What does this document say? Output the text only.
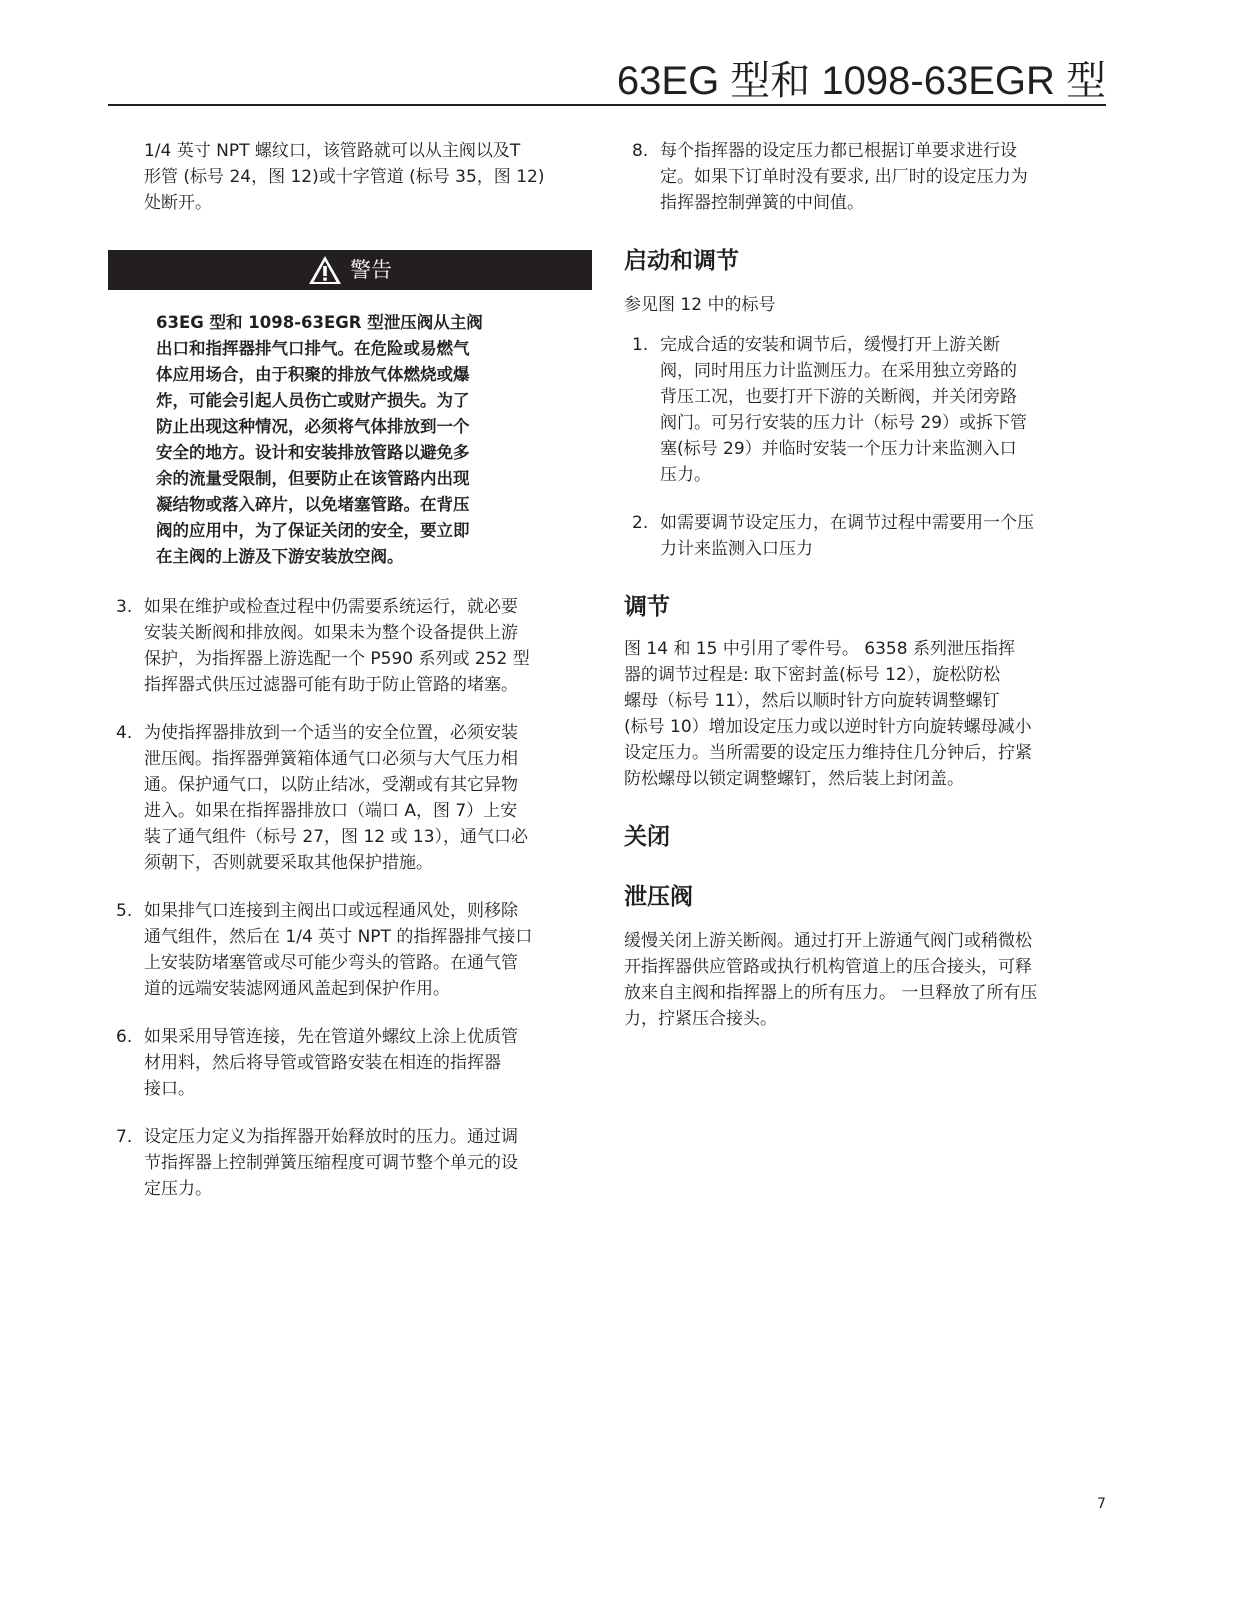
63EG 型和 1098-63EGR 型

1/4 英寸 NPT 螺纹口，该管路就可以从主阀以及T

形管 (标号 24，图 12)或十字管道 (标号 35，图 12)

处断开。

警告

63EG 型和 1098-63EGR 型泄压阀从主阀

出口和指挥器排气口排气。在危险或易燃气

体应用场合，由于积聚的排放气体燃烧或爆

炸，可能会引起人员伤亡或财产损失。为了

防止出现这种情况，必须将气体排放到一个

安全的地方。设计和安装排放管路以避免多

余的流量受限制，但要防止在该管路内出现

凝结物或落入碎片，以免堵塞管路。在背压

阀的应用中，为了保证关闭的安全，要立即

在主阀的上游及下游安装放空阀。

3. 如果在维护或检查过程中仍需要系统运行，就必要

安装关断阀和排放阀。如果未为整个设备提供上游

保护，为指挥器上游选配一个 P590 系列或 252 型

指挥器式供压过滤器可能有助于防止管路的堵塞。

4. 为使指挥器排放到一个适当的安全位置，必须安装

泄压阀。指挥器弹簧箱体通气口必须与大气压力相

通。保护通气口，以防止结冰，受潮或有其它异物

进入。如果在指挥器排放口（端口 A，图 7）上安

装了通气组件（标号 27，图 12 或 13），通气口必

须朝下，否则就要采取其他保护措施。

5. 如果排气口连接到主阀出口或远程通风处，则移除

通气组件，然后在 1/4 英寸 NPT 的指挥器排气接口

上安装防堵塞管或尽可能少弯头的管路。在通气管

道的远端安装滤网通风盖起到保护作用。

6. 如果采用导管连接，先在管道外螺纹上涂上优质管

材用料，然后将导管或管路安装在相连的指挥器

接口。

7. 设定压力定义为指挥器开始释放时的压力。通过调

节指挥器上控制弹簧压缩程度可调节整个单元的设

定压力。

8. 每个指挥器的设定压力都已根据订单要求进行设

定。如果下订单时没有要求, 出厂时的设定压力为

指挥器控制弹簧的中间值。

启动和调节

参见图 12 中的标号

1. 完成合适的安装和调节后，缓慢打开上游关断

阀，同时用压力计监测压力。在采用独立旁路的

背压工况，也要打开下游的关断阀，并关闭旁路

阀门。可另行安装的压力计（标号 29）或拆下管

塞(标号 29）并临时安装一个压力计来监测入口

压力。

2. 如需要调节设定压力，在调节过程中需要用一个压

力计来监测入口压力

调节

图 14 和 15 中引用了零件号。 6358 系列泄压指挥

器的调节过程是: 取下密封盖(标号 12），旋松防松

螺母（标号 11），然后以顺时针方向旋转调整螺钉

(标号 10）增加设定压力或以逆时针方向旋转螺母减小

设定压力。当所需要的设定压力维持住几分钟后，拧紧

防松螺母以锁定调整螺钉，然后装上封闭盖。

关闭
泄压阀

缓慢关闭上游关断阀。通过打开上游通气阀门或稍微松

开指挥器供应管路或执行机构管道上的压合接头，可释

放来自主阀和指挥器上的所有压力。 一旦释放了所有压

力，拧紧压合接头。

7
